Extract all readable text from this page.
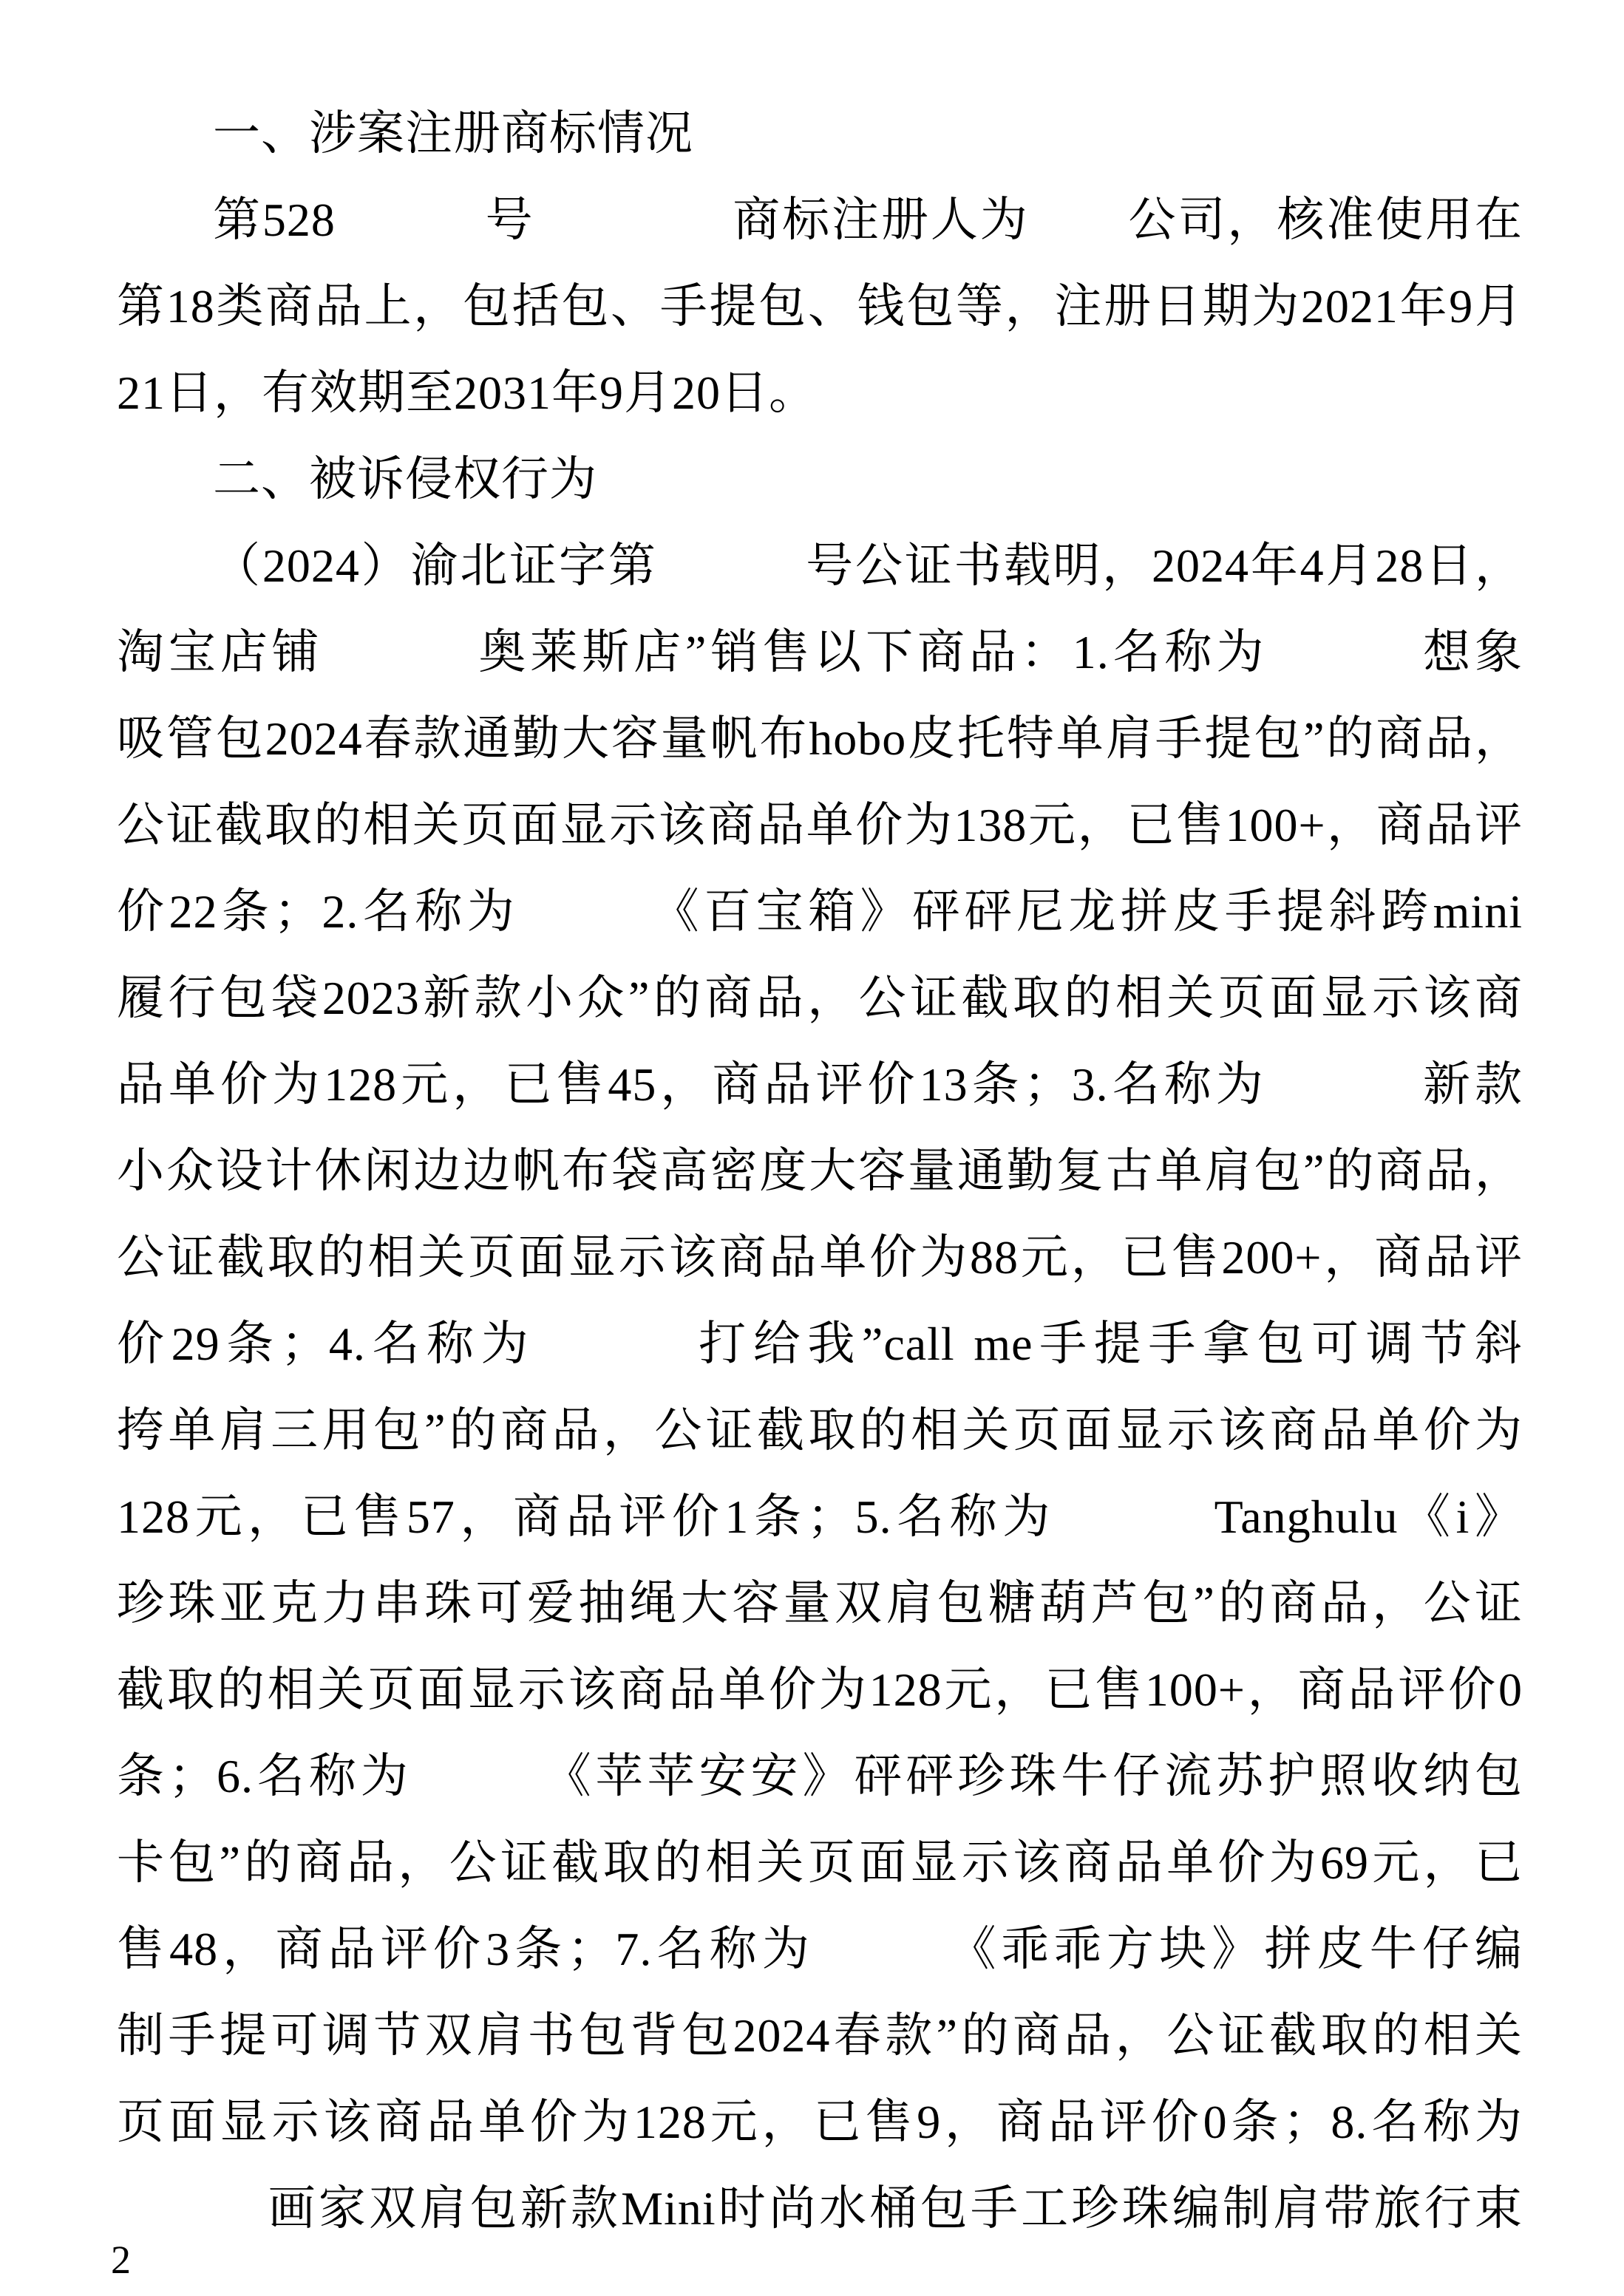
一、涉案注册商标情况

第528　　　号　　　　商标注册人为　　公司，核准使用在

第18类商品上，包括包、手提包、钱包等，注册日期为2021年9月

21日，有效期至2031年9月20日。

二、被诉侵权行为

（2024）渝北证字第　　　号公证书载明，2024年4月28日，

淘宝店铺　　　奥莱斯店”销售以下商品：1.名称为　　　想象

吸管包2024春款通勤大容量帆布hobo皮托特单肩手提包”的商品，

公证截取的相关页面显示该商品单价为138元，已售100+，商品评

价22条；2.名称为　　　《百宝箱》砰砰尼龙拼皮手提斜跨mini

履行包袋2023新款小众”的商品，公证截取的相关页面显示该商

品单价为128元，已售45，商品评价13条；3.名称为　　　新款

小众设计休闲边边帆布袋高密度大容量通勤复古单肩包”的商品，

公证截取的相关页面显示该商品单价为88元，已售200+，商品评

价29条；4.名称为　　　打给我”call me手提手拿包可调节斜

挎单肩三用包”的商品，公证截取的相关页面显示该商品单价为

128元，已售57，商品评价1条；5.名称为　　　Tanghulu《i》

珍珠亚克力串珠可爱抽绳大容量双肩包糖葫芦包”的商品，公证

截取的相关页面显示该商品单价为128元，已售100+，商品评价0

条；6.名称为　　　《苹苹安安》砰砰珍珠牛仔流苏护照收纳包

卡包”的商品，公证截取的相关页面显示该商品单价为69元，已

售48，商品评价3条；7.名称为　　　《乖乖方块》拼皮牛仔编

制手提可调节双肩书包背包2024春款”的商品，公证截取的相关

页面显示该商品单价为128元，已售9，商品评价0条；8.名称为

　　　画家双肩包新款Mini时尚水桶包手工珍珠编制肩带旅行束

2
